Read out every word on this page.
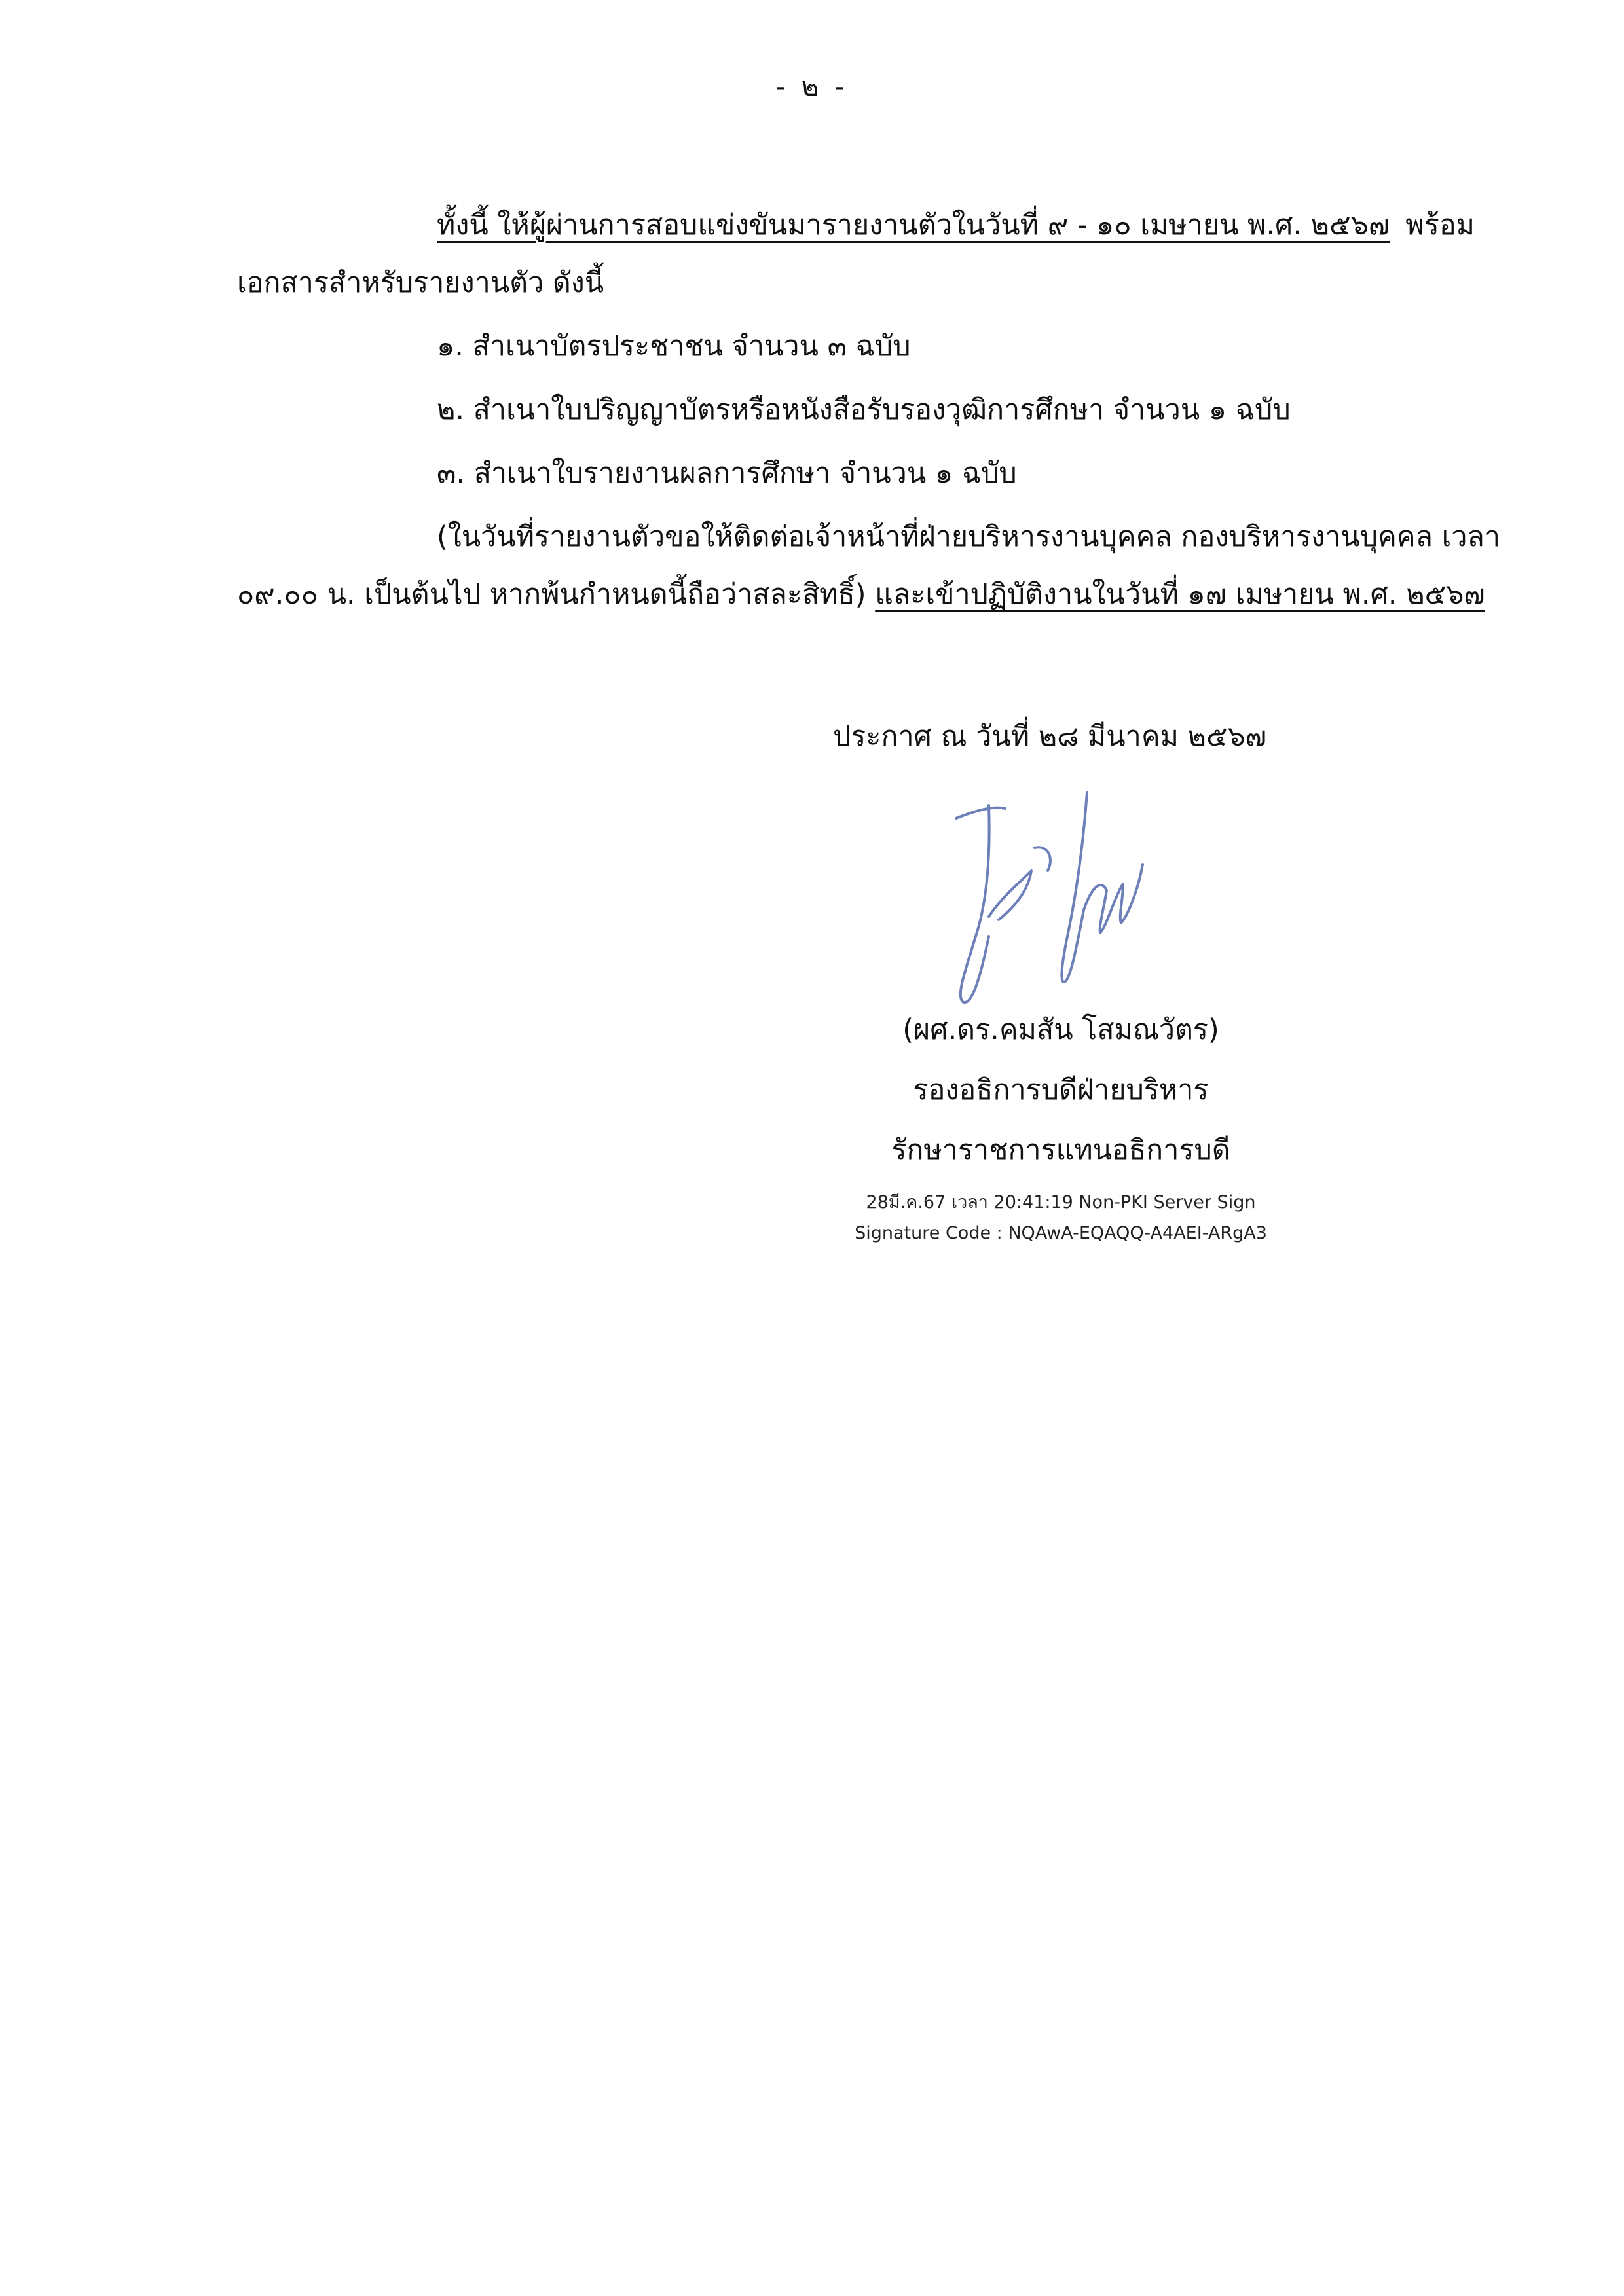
- ๒ -
ทั้งนี้ ให้ผู้ผ่านการสอบแข่งขันมารายงานตัวในวันที่ ๙ - ๑๐ เมษายน พ.ศ. ๒๕๖๗ พร้อม
เอกสารสำหรับรายงานตัว ดังนี้
๑. สำเนาบัตรประชาชน จำนวน ๓ ฉบับ
๒. สำเนาใบปริญญาบัตรหรือหนังสือรับรองวุฒิการศึกษา จำนวน ๑ ฉบับ
๓. สำเนาใบรายงานผลการศึกษา จำนวน ๑ ฉบับ
(ในวันที่รายงานตัวขอให้ติดต่อเจ้าหน้าที่ฝ่ายบริหารงานบุคคล กองบริหารงานบุคคล เวลา
๐๙.๐๐ น. เป็นต้นไป หากพ้นกำหนดนี้ถือว่าสละสิทธิ์) และเข้าปฏิบัติงานในวันที่ ๑๗ เมษายน พ.ศ. ๒๕๖๗
ประกาศ ณ วันที่ ๒๘ มีนาคม ๒๕๖๗
(ผศ.ดร.คมสัน โสมณวัตร)
รองอธิการบดีฝ่ายบริหาร
รักษาราชการแทนอธิการบดี
28มี.ค.67 เวลา 20:41:19 Non-PKI Server Sign
Signature Code : NQAwA-EQAQQ-A4AEI-ARgA3
